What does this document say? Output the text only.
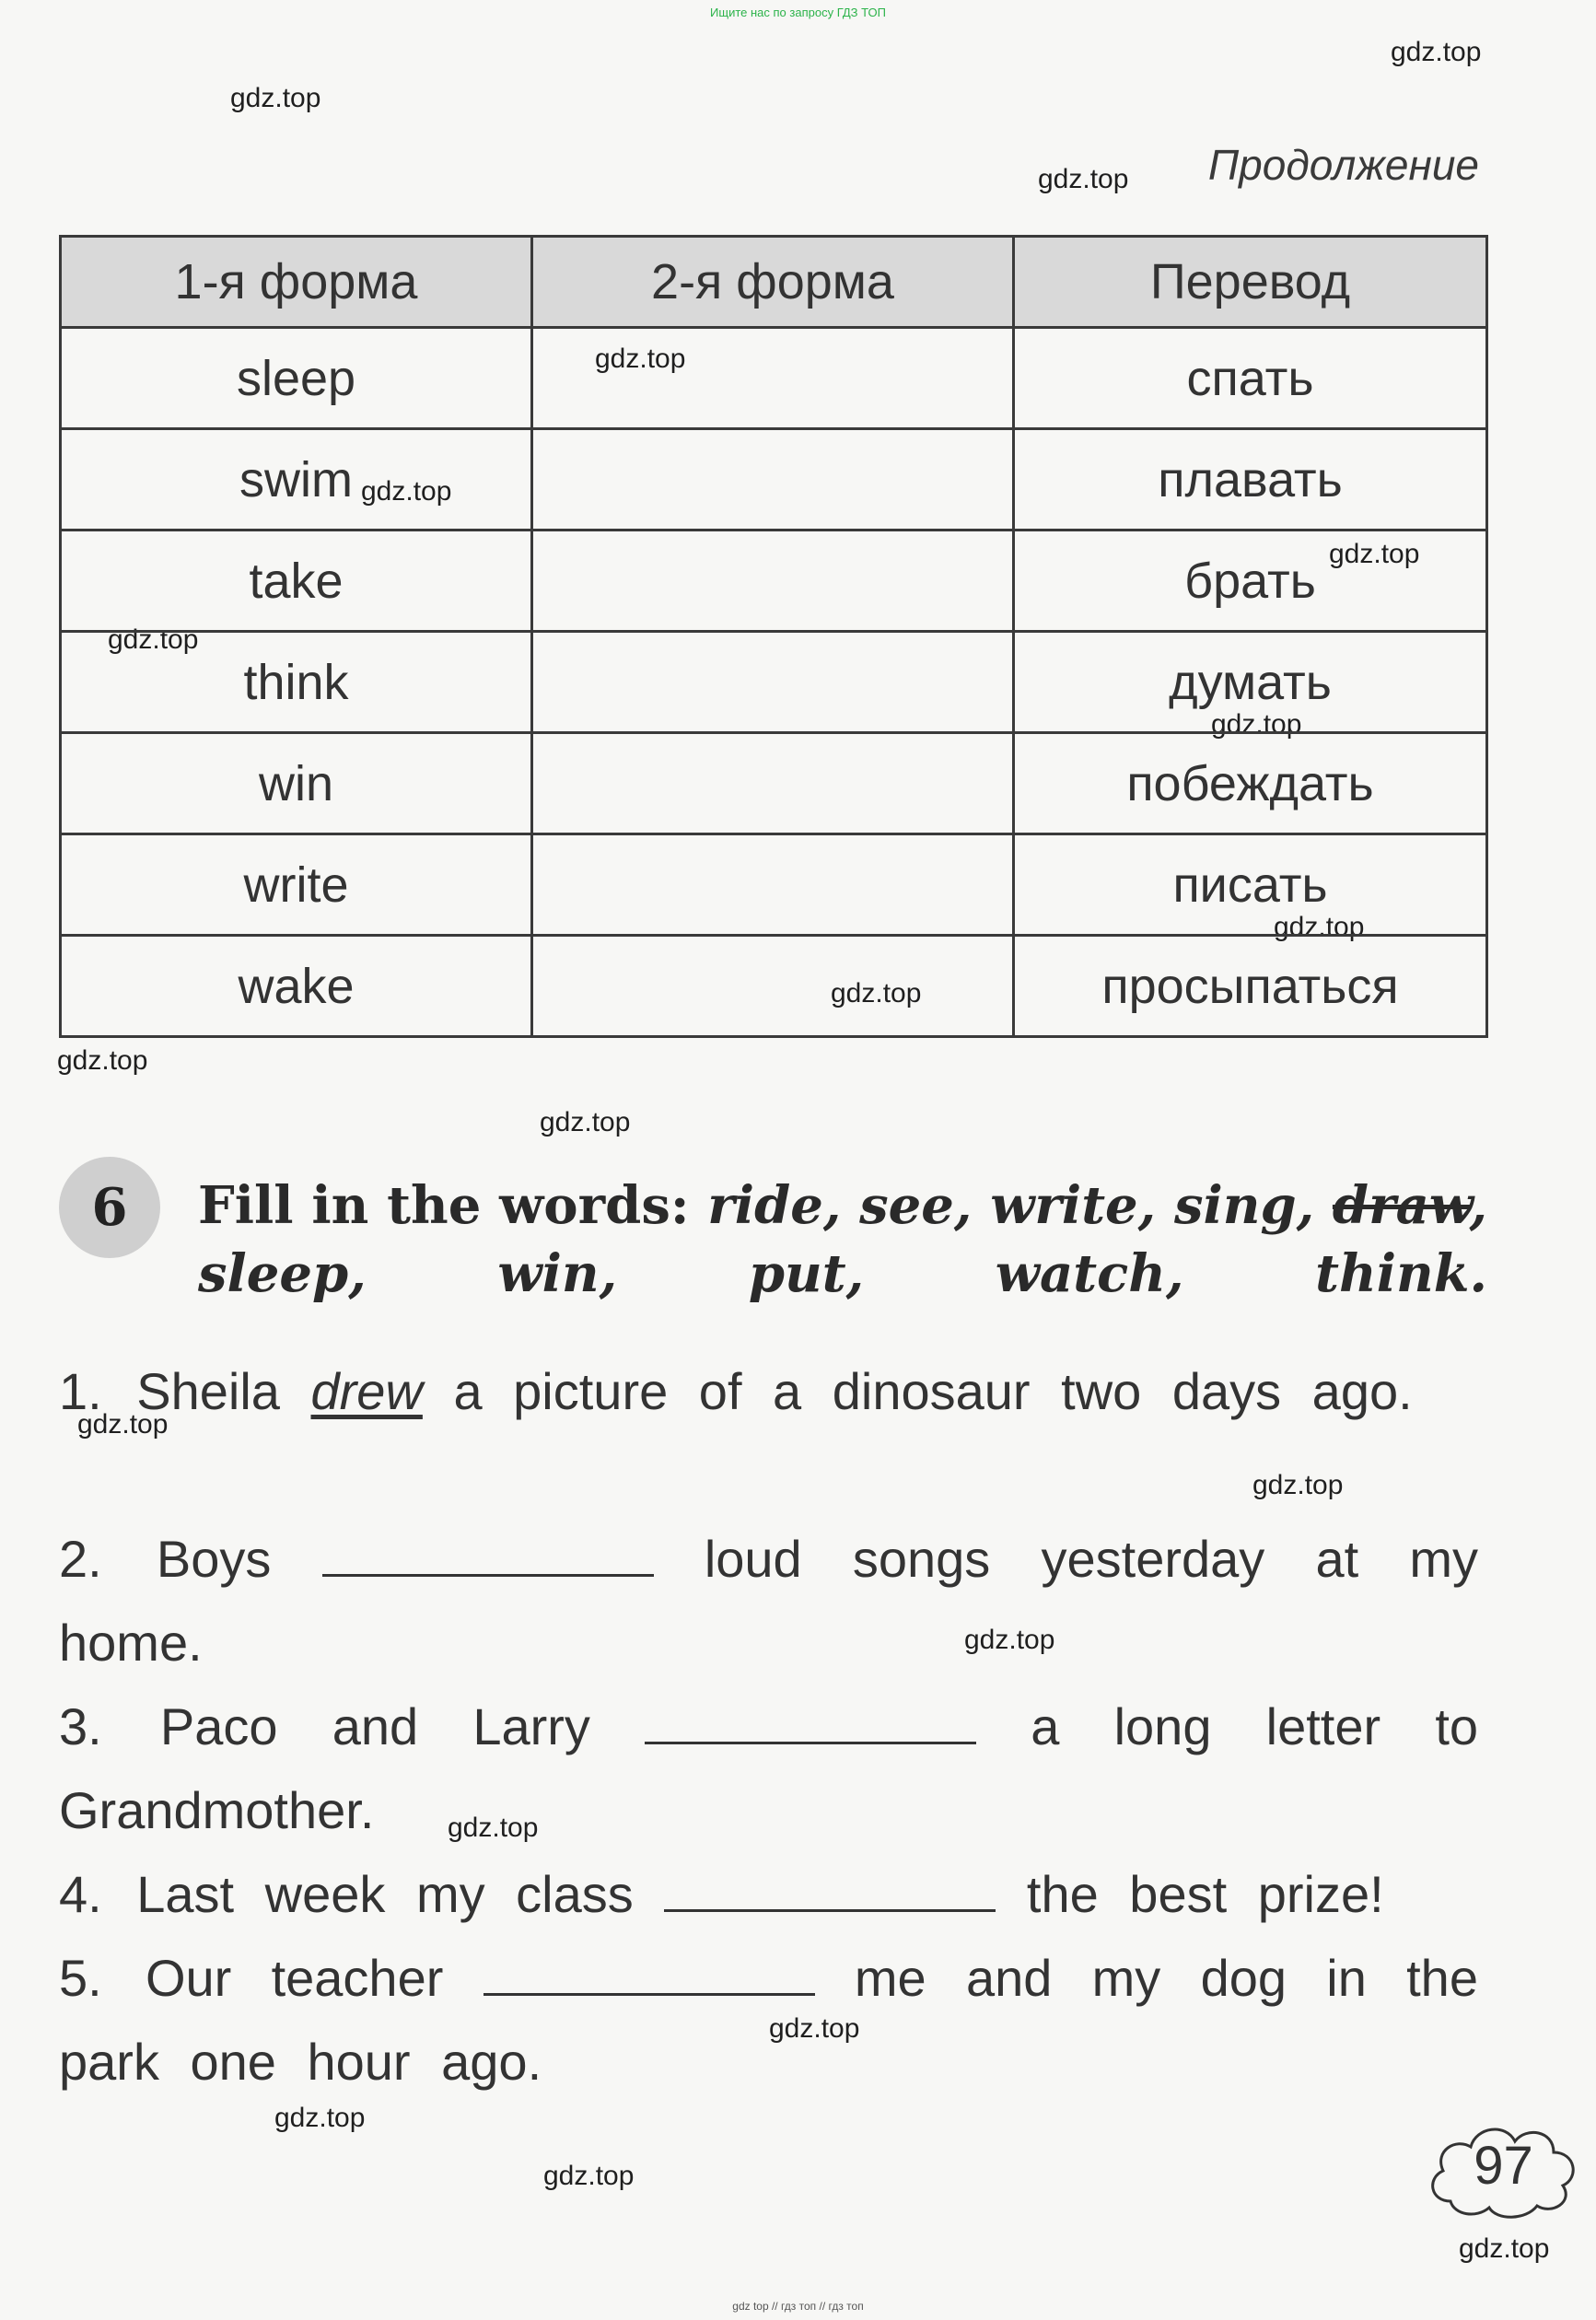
Ищите нас по запросу ГДЗ ТОП
gdz.top
gdz.top
gdz.top
gdz.top
gdz.top
gdz.top
gdz.top
gdz.top
gdz.top
gdz.top
gdz.top
gdz.top
gdz.top
gdz.top
gdz.top
gdz.top
gdz.top
gdz.top
gdz.top
gdz.top
Продолжение
1-я форма	2-я форма	Перевод
sleep		спать
swim		плавать
take		брать
think		думать
win		побеждать
write		писать
wake		просыпаться
6	Fill in the words: ride, see, write, sing, draw, sleep,	win,	put,	watch,	think.
1. Sheila drew a picture of a dinosaur two days ago.
2. Boys	loud songs yesterday at my home.
3. Paco and Larry	a long letter to Grandmother.
4. Last week my class	the best prize!
5. Our teacher	me and my dog in the park one hour ago.
97
gdz top // гдз топ // гдз топ
